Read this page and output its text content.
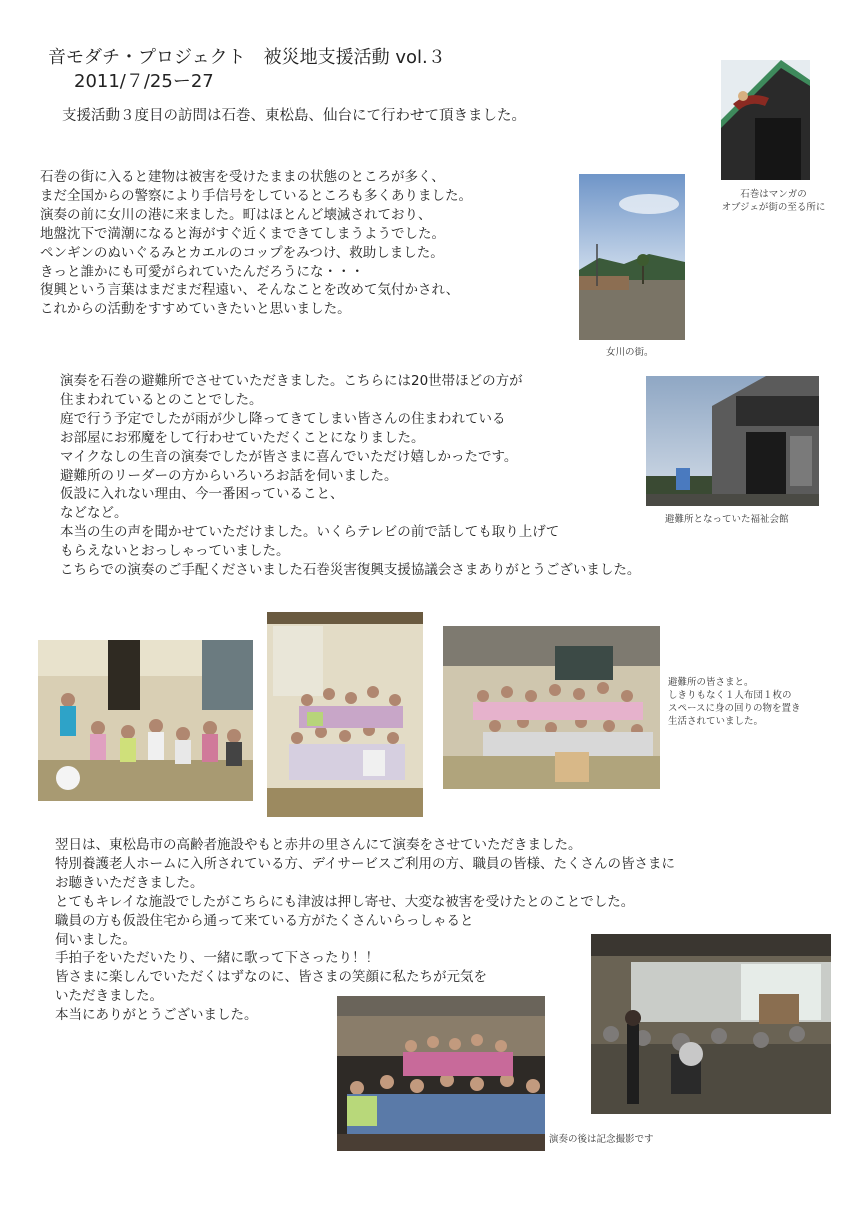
音モダチ・プロジェクト　被災地支援活動 vol.３
2011/７/25ー27
支援活動３度目の訪問は石巻、東松島、仙台にて行わせて頂きました。
石巻の街に入ると建物は被害を受けたままの状態のところが多く、
まだ全国からの警察により手信号をしているところも多くありました。
演奏の前に女川の港に来ました。町はほとんど壊滅されており、
地盤沈下で満潮になると海がすぐ近くまできてしまうようでした。
ペンギンのぬいぐるみとカエルのコップをみつけ、救助しました。
きっと誰かにも可愛がられていたんだろうにな・・・
復興という言葉はまだまだ程遠い、そんなことを改めて気付かされ、
これからの活動をすすめていきたいと思いました。
石巻はマンガの
オブジェが街の至る所に
女川の街。
演奏を石巻の避難所でさせていただきました。こちらには20世帯ほどの方が
住まわれているとのことでした。
庭で行う予定でしたが雨が少し降ってきてしまい皆さんの住まわれている
お部屋にお邪魔をして行わせていただくことになりました。
マイクなしの生音の演奏でしたが皆さまに喜んでいただけ嬉しかったです。
避難所のリーダーの方からいろいろお話を伺いました。
仮設に入れない理由、今一番困っていること、
などなど。
本当の生の声を聞かせていただけました。いくらテレビの前で話しても取り上げて
もらえないとおっしゃっていました。
こちらでの演奏のご手配くださいました石巻災害復興支援協議会さまありがとうございました。
避難所となっていた福祉会館
避難所の皆さまと。
しきりもなく１人布団１枚の
スペースに身の回りの物を置き
生活されていました。
翌日は、東松島市の高齢者施設やもと赤井の里さんにて演奏をさせていただきました。
特別養護老人ホームに入所されている方、デイサービスご利用の方、職員の皆様、たくさんの皆さまに
お聴きいただきました。
とてもキレイな施設でしたがこちらにも津波は押し寄せ、大変な被害を受けたとのことでした。
職員の方も仮設住宅から通って来ている方がたくさんいらっしゃると
伺いました。
手拍子をいただいたり、一緒に歌って下さったり！！
皆さまに楽しんでいただくはずなのに、皆さまの笑顔に私たちが元気を
いただきました。
本当にありがとうございました。
演奏の後は記念撮影です
